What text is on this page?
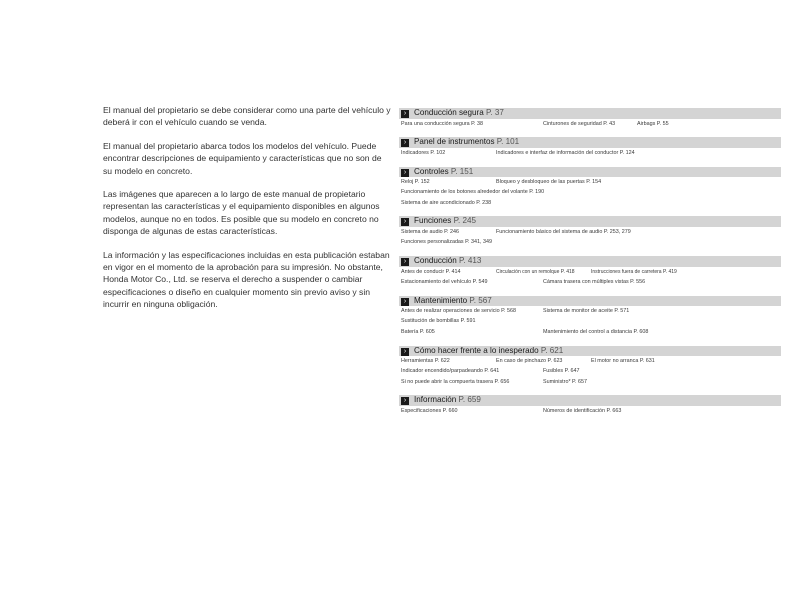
El manual del propietario se debe considerar como una parte del vehículo y deberá ir con el vehículo cuando se venda.

El manual del propietario abarca todos los modelos del vehículo. Puede encontrar descripciones de equipamiento y características que no son de su modelo en concreto.

Las imágenes que aparecen a lo largo de este manual de propietario representan las características y el equipamiento disponibles en algunos modelos, aunque no en todos. Es posible que su modelo en concreto no disponga de algunas de estas características.

La información y las especificaciones incluidas en esta publicación estaban en vigor en el momento de la aprobación para su impresión. No obstante, Honda Motor Co., Ltd. se reserva el derecho a suspender o cambiar especificaciones o diseño en cualquier momento sin previo aviso y sin incurrir en ninguna obligación.

› Conducción segura P. 37
Para una conducción segura P. 38	Cinturones de seguridad P. 43	Airbags P. 55
› Panel de instrumentos P. 101
Indicadores P. 102	Indicadores e interfaz de información del conductor P. 124
› Controles P. 151
Reloj P. 152	Bloqueo y desbloqueo de las puertas P. 154
Funcionamiento de los botones alrededor del volante P. 190
Sistema de aire acondicionado P. 238
› Funciones P. 245
Sistema de audio P. 246	Funcionamiento básico del sistema de audio P. 253, 279
Funciones personalizadas P. 341, 349
› Conducción P. 413
Antes de conducir P. 414	Circulación con un remolque P. 418	Instrucciones fuera de carretera P. 419
Estacionamiento del vehículo P. 549	Cámara trasera con múltiples vistas P. 556
› Mantenimiento P. 567
Antes de realizar operaciones de servicio P. 568	Sistema de monitor de aceite P. 571
Sustitución de bombillas P. 591
Batería P. 605	Mantenimiento del control a distancia P. 608
› Cómo hacer frente a lo inesperado P. 621
Herramientas P. 622	En caso de pinchazo P. 623	El motor no arranca P. 631
Indicador encendido/parpadeando P. 641	Fusibles P. 647
Si no puede abrir la compuerta trasera P. 656	Suministro* P. 657
› Información P. 659
Especificaciones P. 660	Números de identificación P. 663
